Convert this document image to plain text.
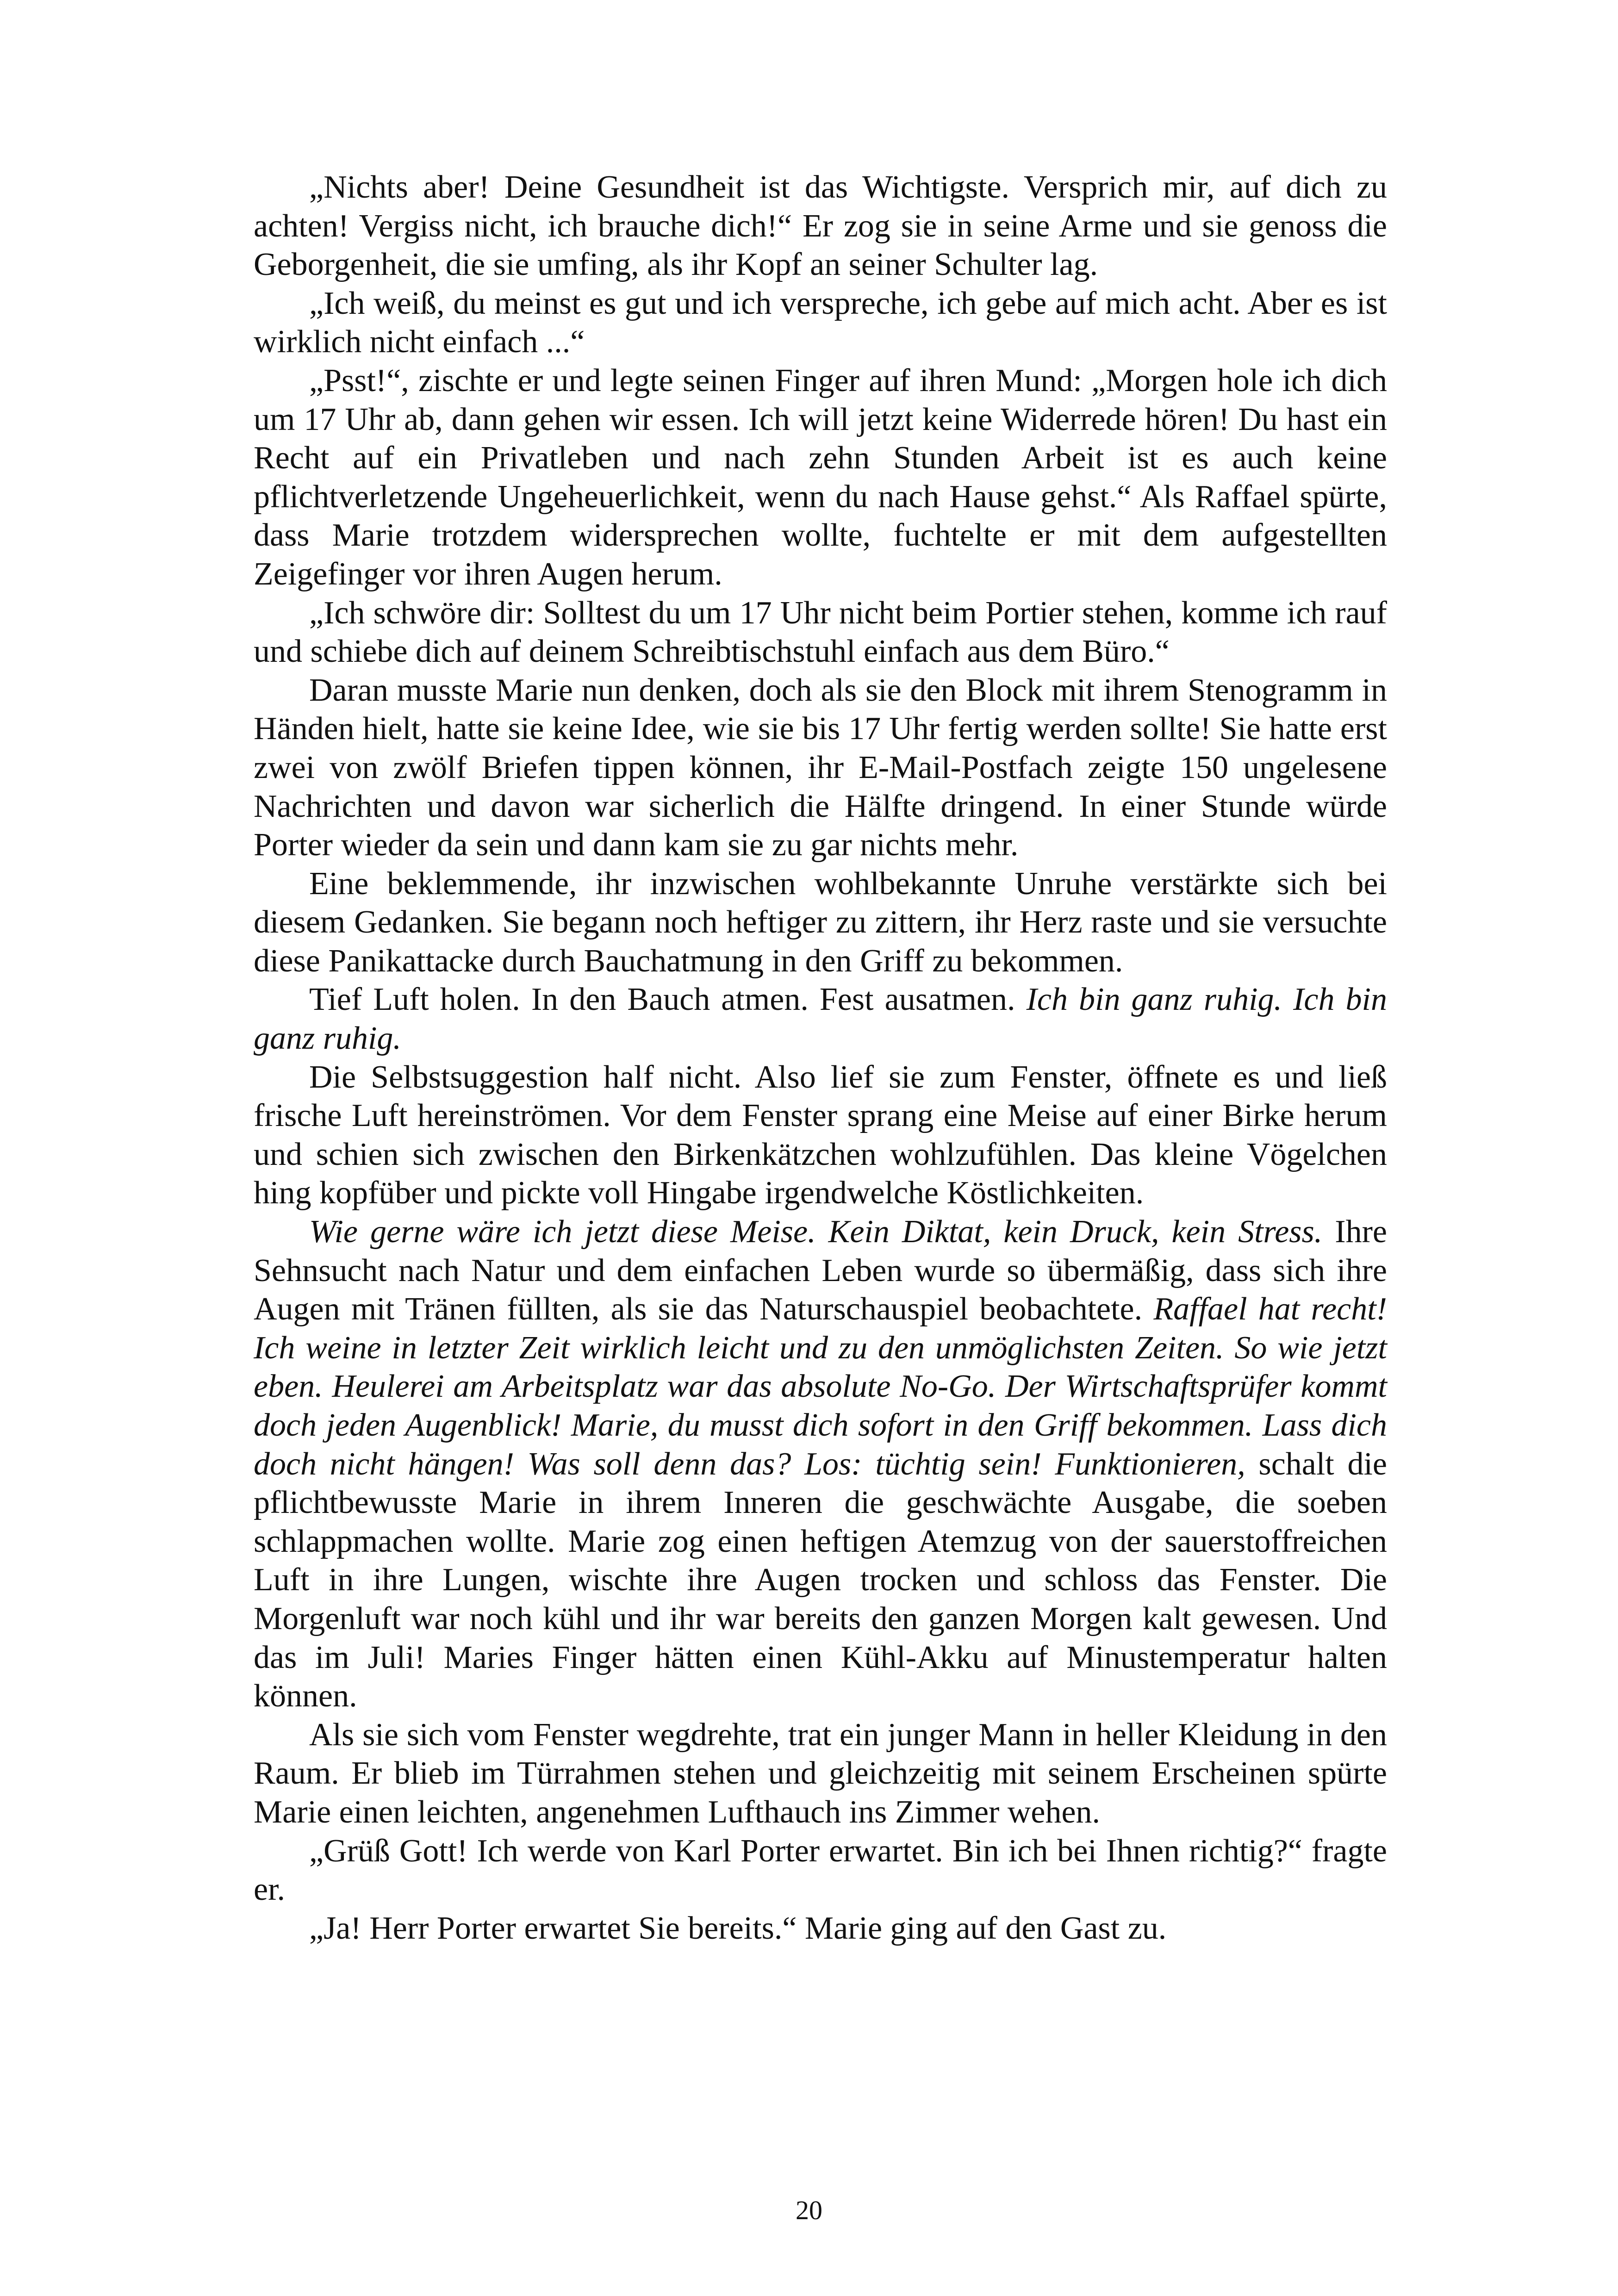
„Nichts aber! Deine Gesundheit ist das Wichtigste. Versprich mir, auf dich zu achten! Vergiss nicht, ich brauche dich!“ Er zog sie in seine Arme und sie genoss die Geborgenheit, die sie umfing, als ihr Kopf an seiner Schulter lag.

„Ich weiß, du meinst es gut und ich verspreche, ich gebe auf mich acht. Aber es ist wirklich nicht einfach ...“

„Psst!“, zischte er und legte seinen Finger auf ihren Mund: „Morgen hole ich dich um 17 Uhr ab, dann gehen wir essen. Ich will jetzt keine Widerrede hören! Du hast ein Recht auf ein Privatleben und nach zehn Stunden Arbeit ist es auch keine pflichtverletzende Ungeheuerlichkeit, wenn du nach Hause gehst.“ Als Raffael spürte, dass Marie trotzdem widersprechen wollte, fuchtelte er mit dem aufgestellten Zeigefinger vor ihren Augen herum.

„Ich schwöre dir: Solltest du um 17 Uhr nicht beim Portier stehen, komme ich rauf und schiebe dich auf deinem Schreibtischstuhl einfach aus dem Büro.“

Daran musste Marie nun denken, doch als sie den Block mit ihrem Stenogramm in Händen hielt, hatte sie keine Idee, wie sie bis 17 Uhr fertig werden sollte! Sie hatte erst zwei von zwölf Briefen tippen können, ihr E-Mail-Postfach zeigte 150 ungelesene Nachrichten und davon war sicherlich die Hälfte dringend. In einer Stunde würde Porter wieder da sein und dann kam sie zu gar nichts mehr.

Eine beklemmende, ihr inzwischen wohlbekannte Unruhe verstärkte sich bei diesem Gedanken. Sie begann noch heftiger zu zittern, ihr Herz raste und sie versuchte diese Panikattacke durch Bauchatmung in den Griff zu bekommen.

Tief Luft holen. In den Bauch atmen. Fest ausatmen. Ich bin ganz ruhig. Ich bin ganz ruhig.

Die Selbstsuggestion half nicht. Also lief sie zum Fenster, öffnete es und ließ frische Luft hereinströmen. Vor dem Fenster sprang eine Meise auf einer Birke herum und schien sich zwischen den Birkenkätzchen wohlzufühlen. Das kleine Vögelchen hing kopfüber und pickte voll Hingabe irgendwelche Köstlichkeiten.

Wie gerne wäre ich jetzt diese Meise. Kein Diktat, kein Druck, kein Stress. Ihre Sehnsucht nach Natur und dem einfachen Leben wurde so übermäßig, dass sich ihre Augen mit Tränen füllten, als sie das Naturschauspiel beobachtete. Raffael hat recht! Ich weine in letzter Zeit wirklich leicht und zu den unmöglichsten Zeiten. So wie jetzt eben. Heulerei am Arbeitsplatz war das absolute No-Go. Der Wirtschaftsprüfer kommt doch jeden Augenblick! Marie, du musst dich sofort in den Griff bekommen. Lass dich doch nicht hängen! Was soll denn das? Los: tüchtig sein! Funktionieren, schalt die pflichtbewusste Marie in ihrem Inneren die geschwächte Ausgabe, die soeben schlappmachen wollte. Marie zog einen heftigen Atemzug von der sauerstoffreichen Luft in ihre Lungen, wischte ihre Augen trocken und schloss das Fenster. Die Morgenluft war noch kühl und ihr war bereits den ganzen Morgen kalt gewesen. Und das im Juli! Maries Finger hätten einen Kühl-Akku auf Minustemperatur halten können.

Als sie sich vom Fenster wegdrehte, trat ein junger Mann in heller Kleidung in den Raum. Er blieb im Türrahmen stehen und gleichzeitig mit seinem Erscheinen spürte Marie einen leichten, angenehmen Lufthauch ins Zimmer wehen.

„Grüß Gott! Ich werde von Karl Porter erwartet. Bin ich bei Ihnen richtig?“ fragte er.

„Ja! Herr Porter erwartet Sie bereits.“ Marie ging auf den Gast zu.

20
